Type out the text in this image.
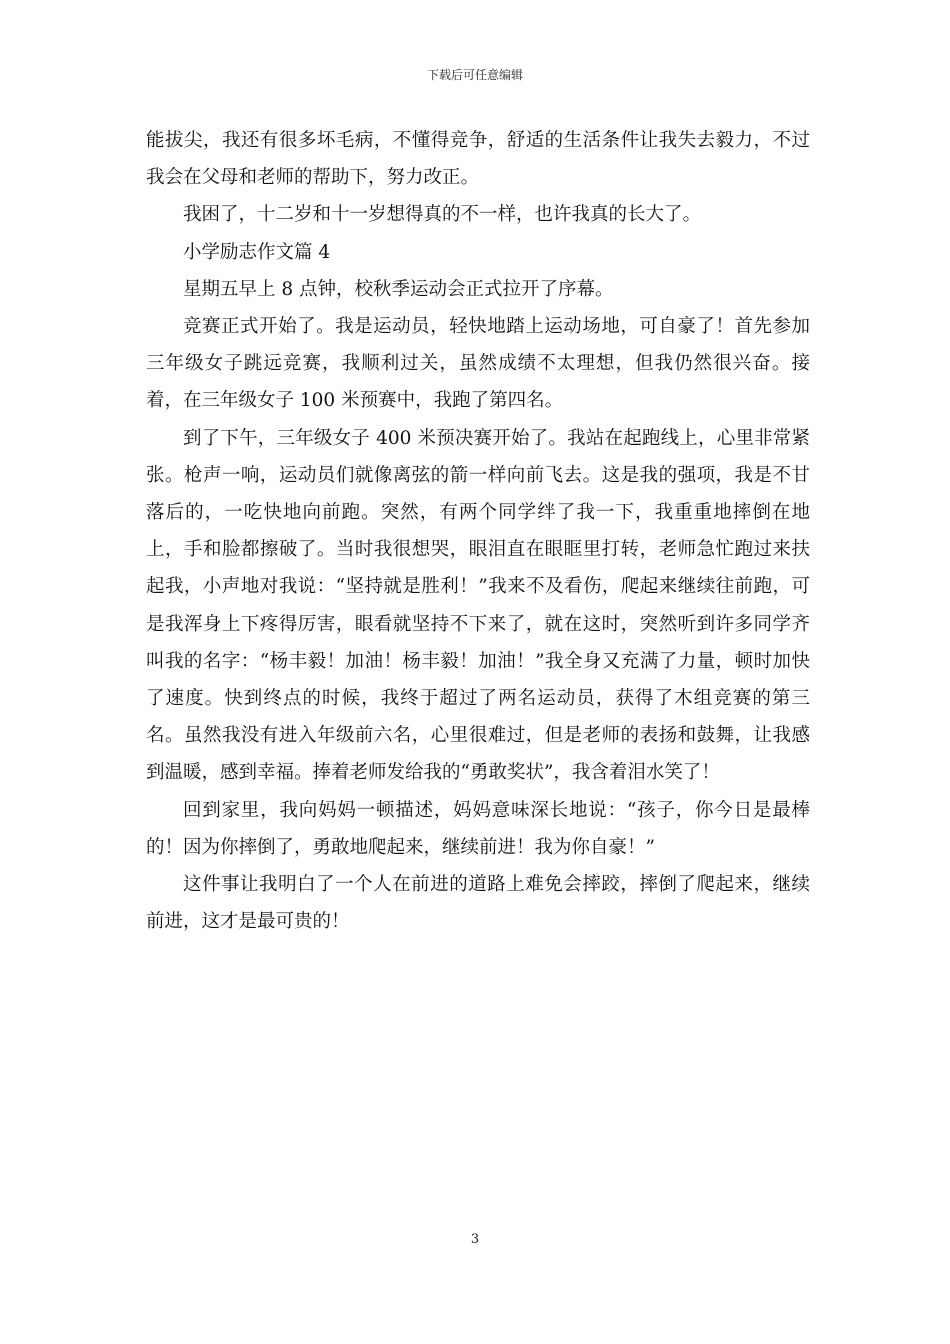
下载后可任意编辑

能拔尖，我还有很多坏毛病，不懂得竞争，舒适的生活条件让我失去毅力，不过我会在父母和老师的帮助下，努力改正。

我困了，十二岁和十一岁想得真的不一样，也许我真的长大了。

小学励志作文篇 4

星期五早上 8 点钟，校秋季运动会正式拉开了序幕。

竞赛正式开始了。我是运动员，轻快地踏上运动场地，可自豪了！首先参加三年级女子跳远竞赛，我顺利过关，虽然成绩不太理想，但我仍然很兴奋。接着，在三年级女子 100 米预赛中，我跑了第四名。

到了下午，三年级女子 400 米预决赛开始了。我站在起跑线上，心里非常紧张。枪声一响，运动员们就像离弦的箭一样向前飞去。这是我的强项，我是不甘落后的，一吃快地向前跑。突然，有两个同学绊了我一下，我重重地摔倒在地上，手和脸都擦破了。当时我很想哭，眼泪直在眼眶里打转，老师急忙跑过来扶起我，小声地对我说：“坚持就是胜利！”我来不及看伤，爬起来继续往前跑，可是我浑身上下疼得厉害，眼看就坚持不下来了，就在这时，突然听到许多同学齐叫我的名字：“杨丰毅！加油！杨丰毅！加油！”我全身又充满了力量，顿时加快了速度。快到终点的时候，我终于超过了两名运动员，获得了木组竞赛的第三名。虽然我没有进入年级前六名，心里很难过，但是老师的表扬和鼓舞，让我感到温暖，感到幸福。捧着老师发给我的“勇敢奖状”，我含着泪水笑了！

回到家里，我向妈妈一顿描述，妈妈意味深长地说：“孩子，你今日是最棒的！因为你摔倒了，勇敢地爬起来，继续前进！我为你自豪！”

这件事让我明白了一个人在前进的道路上难免会摔跤，摔倒了爬起来，继续前进，这才是最可贵的！

3
